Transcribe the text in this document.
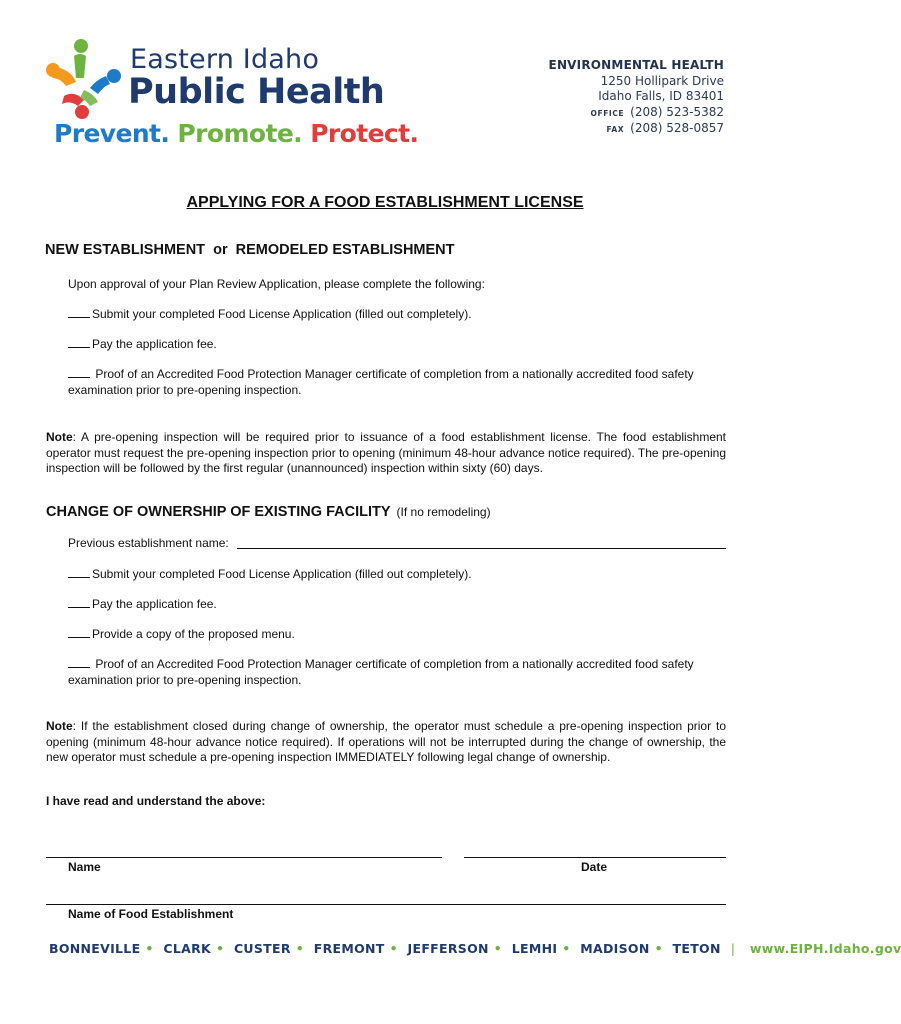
Eastern Idaho
Public Health
Prevent. Promote. Protect.
ENVIRONMENTAL HEALTH
1250 Hollipark Drive
Idaho Falls, ID 83401
OFFICE (208) 523-5382
FAX (208) 528-0857
APPLYING FOR A FOOD ESTABLISHMENT LICENSE
NEW ESTABLISHMENT  or  REMODELED ESTABLISHMENT
Upon approval of your Plan Review Application, please complete the following:
Submit your completed Food License Application (filled out completely).
Pay the application fee.
Proof of an Accredited Food Protection Manager certificate of completion from a nationally accredited food safety
examination prior to pre-opening inspection.
Note: A pre-opening inspection will be required prior to issuance of a food establishment license. The food establishment operator must request the pre-opening inspection prior to opening (minimum 48-hour advance notice required). The pre-opening inspection will be followed by the first regular (unannounced) inspection within sixty (60) days.
CHANGE OF OWNERSHIP OF EXISTING FACILITY (If no remodeling)
Previous establishment name:
Submit your completed Food License Application (filled out completely).
Pay the application fee.
Provide a copy of the proposed menu.
Proof of an Accredited Food Protection Manager certificate of completion from a nationally accredited food safety
examination prior to pre-opening inspection.
Note: If the establishment closed during change of ownership, the operator must schedule a pre-opening inspection prior to opening (minimum 48-hour advance notice required). If operations will not be interrupted during the change of ownership, the new operator must schedule a pre-opening inspection IMMEDIATELY following legal change of ownership.
I have read and understand the above:
Name	Date
Name of Food Establishment
BONNEVILLE • CLARK • CUSTER • FREMONT • JEFFERSON • LEMHI • MADISON • TETON | www.EIPH.Idaho.gov
